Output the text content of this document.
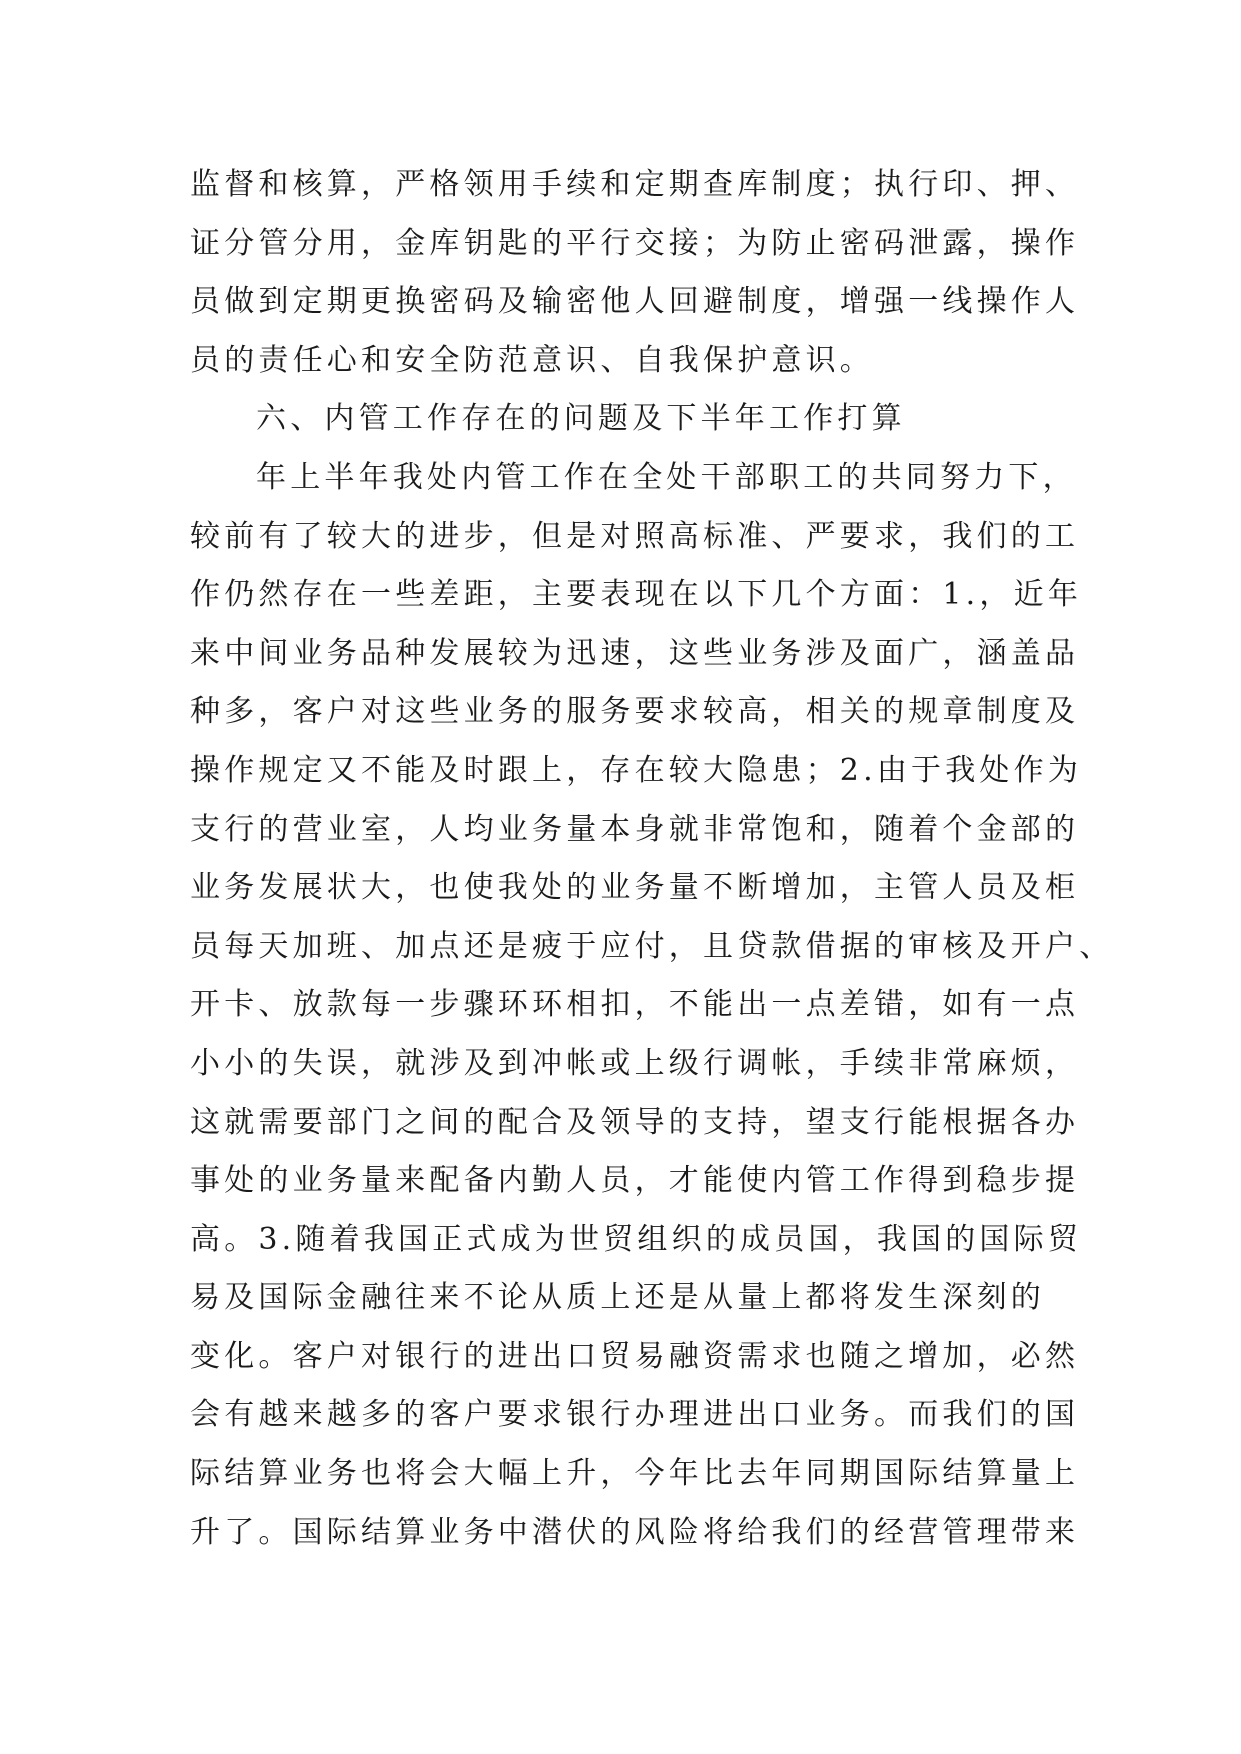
监督和核算，严格领用手续和定期查库制度；执行印、押、
证分管分用，金库钥匙的平行交接；为防止密码泄露，操作
员做到定期更换密码及输密他人回避制度，增强一线操作人
员的责任心和安全防范意识、自我保护意识。
六、内管工作存在的问题及下半年工作打算
年上半年我处内管工作在全处干部职工的共同努力下，
较前有了较大的进步，但是对照高标准、严要求，我们的工
作仍然存在一些差距，主要表现在以下几个方面：1.，近年
来中间业务品种发展较为迅速，这些业务涉及面广，涵盖品
种多，客户对这些业务的服务要求较高，相关的规章制度及
操作规定又不能及时跟上，存在较大隐患；2.由于我处作为
支行的营业室，人均业务量本身就非常饱和，随着个金部的
业务发展状大，也使我处的业务量不断增加，主管人员及柜
员每天加班、加点还是疲于应付，且贷款借据的审核及开户、
开卡、放款每一步骤环环相扣，不能出一点差错，如有一点
小小的失误，就涉及到冲帐或上级行调帐，手续非常麻烦，
这就需要部门之间的配合及领导的支持，望支行能根据各办
事处的业务量来配备内勤人员，才能使内管工作得到稳步提
高。3.随着我国正式成为世贸组织的成员国，我国的国际贸
易及国际金融往来不论从质上还是从量上都将发生深刻的
变化。客户对银行的进出口贸易融资需求也随之增加，必然
会有越来越多的客户要求银行办理进出口业务。而我们的国
际结算业务也将会大幅上升，今年比去年同期国际结算量上
升了。国际结算业务中潜伏的风险将给我们的经营管理带来
